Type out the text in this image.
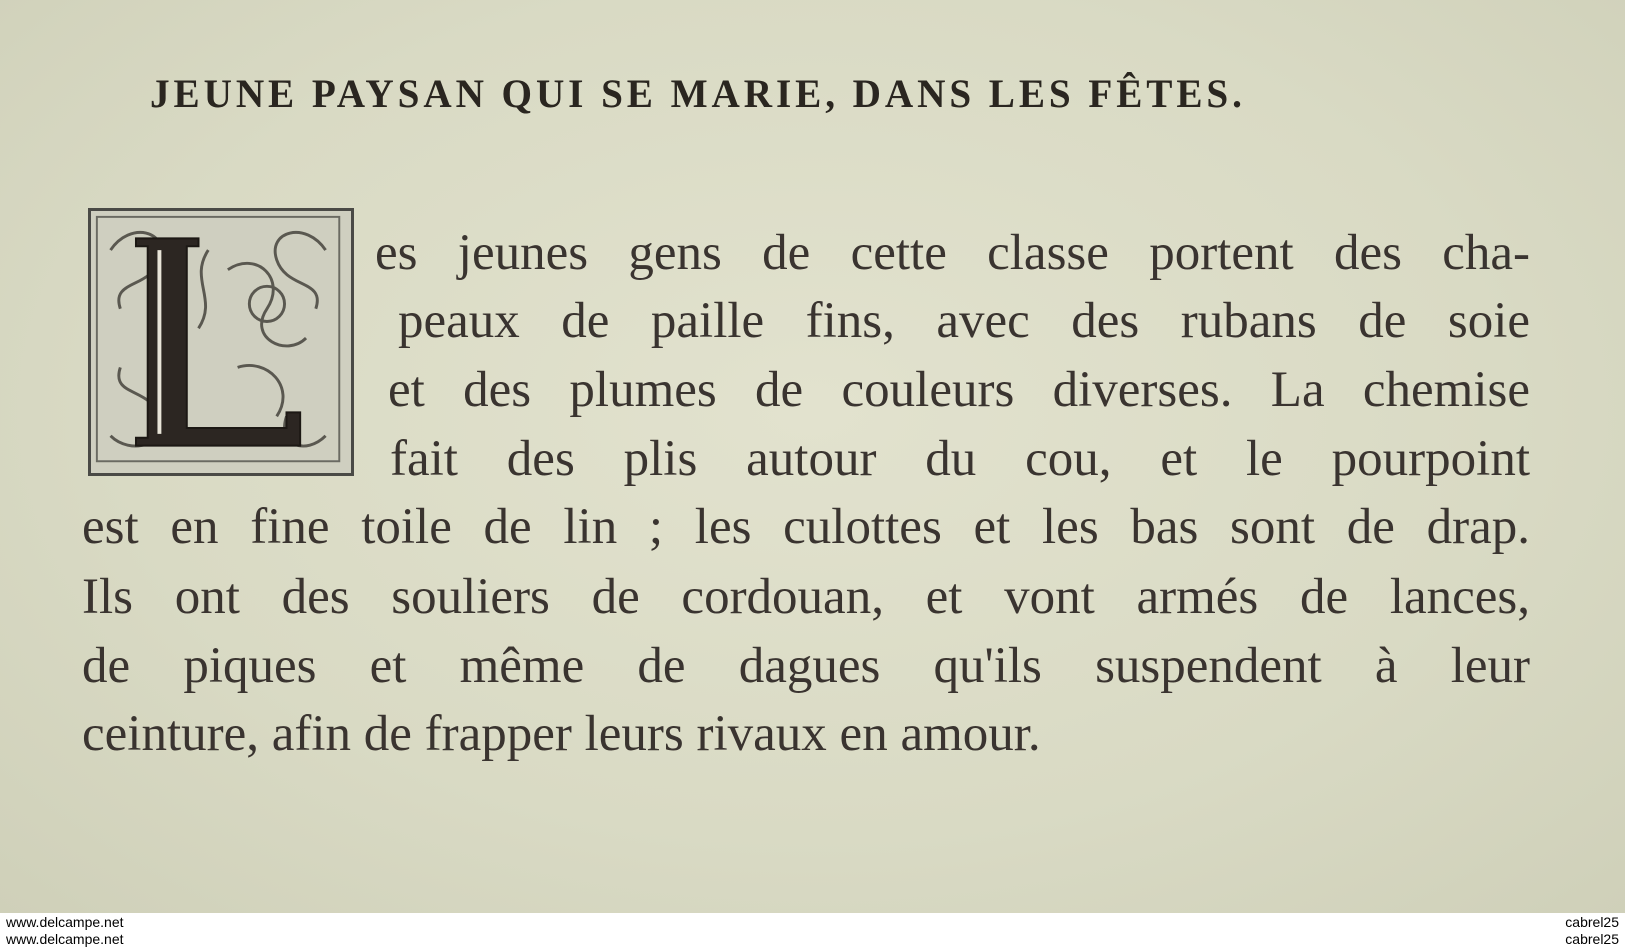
JEUNE PAYSAN QUI SE MARIE, DANS LES FÊTES.
es jeunes gens de cette classe portent des cha-
peaux de paille fins, avec des rubans de soie
et des plumes de couleurs diverses. La chemise
fait des plis autour du cou, et le pourpoint
est en fine toile de lin ; les culottes et les bas sont de drap.
Ils ont des souliers de cordouan, et vont armés de lances,
de piques et même de dagues qu'ils suspendent à leur
ceinture, afin de frapper leurs rivaux en amour.
www.delcampe.net
www.delcampe.net
cabrel25
cabrel25
